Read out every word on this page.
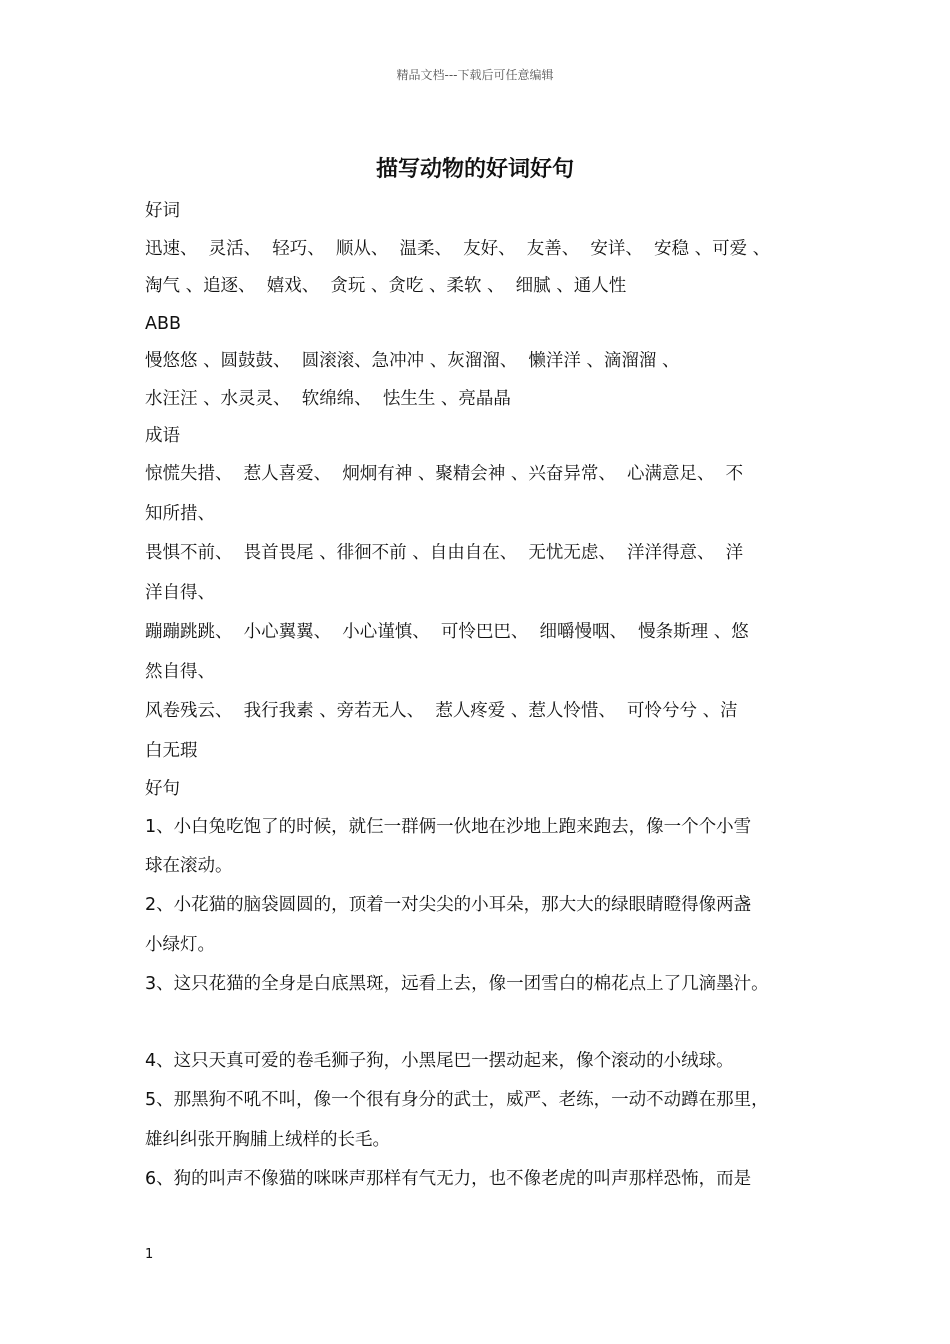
精品文档---下载后可任意编辑
描写动物的好词好句
好词
迅速、  灵活、  轻巧、  顺从、  温柔、  友好、  友善、  安详、  安稳 、可爱 、
淘气 、追逐、  嬉戏、  贪玩 、贪吃 、柔软 、  细腻 、通人性
ABB
慢悠悠 、圆鼓鼓、  圆滚滚、急冲冲 、灰溜溜、  懒洋洋 、滴溜溜 、
水汪汪 、水灵灵、  软绵绵、  怯生生 、亮晶晶
成语
惊慌失措、  惹人喜爱、  炯炯有神 、聚精会神 、兴奋异常、  心满意足、  不
知所措、
畏惧不前、  畏首畏尾 、徘徊不前 、自由自在、  无忧无虑、  洋洋得意、  洋
洋自得、
蹦蹦跳跳、  小心翼翼、  小心谨慎、  可怜巴巴、  细嚼慢咽、  慢条斯理 、悠
然自得、
风卷残云、  我行我素 、旁若无人、  惹人疼爱 、惹人怜惜、  可怜兮兮 、洁
白无瑕
好句
1、小白兔吃饱了的时候，就仨一群俩一伙地在沙地上跑来跑去，像一个个小雪
球在滚动。
2、小花猫的脑袋圆圆的，顶着一对尖尖的小耳朵，那大大的绿眼睛瞪得像两盏
小绿灯。
3、这只花猫的全身是白底黑斑，远看上去，像一团雪白的棉花点上了几滴墨汁。
4、这只天真可爱的卷毛狮子狗，小黑尾巴一摆动起来，像个滚动的小绒球。
5、那黑狗不吼不叫，像一个很有身分的武士，威严、老练，一动不动蹲在那里，
雄纠纠张开胸脯上绒样的长毛。
6、狗的叫声不像猫的咪咪声那样有气无力，也不像老虎的叫声那样恐怖，而是
1
